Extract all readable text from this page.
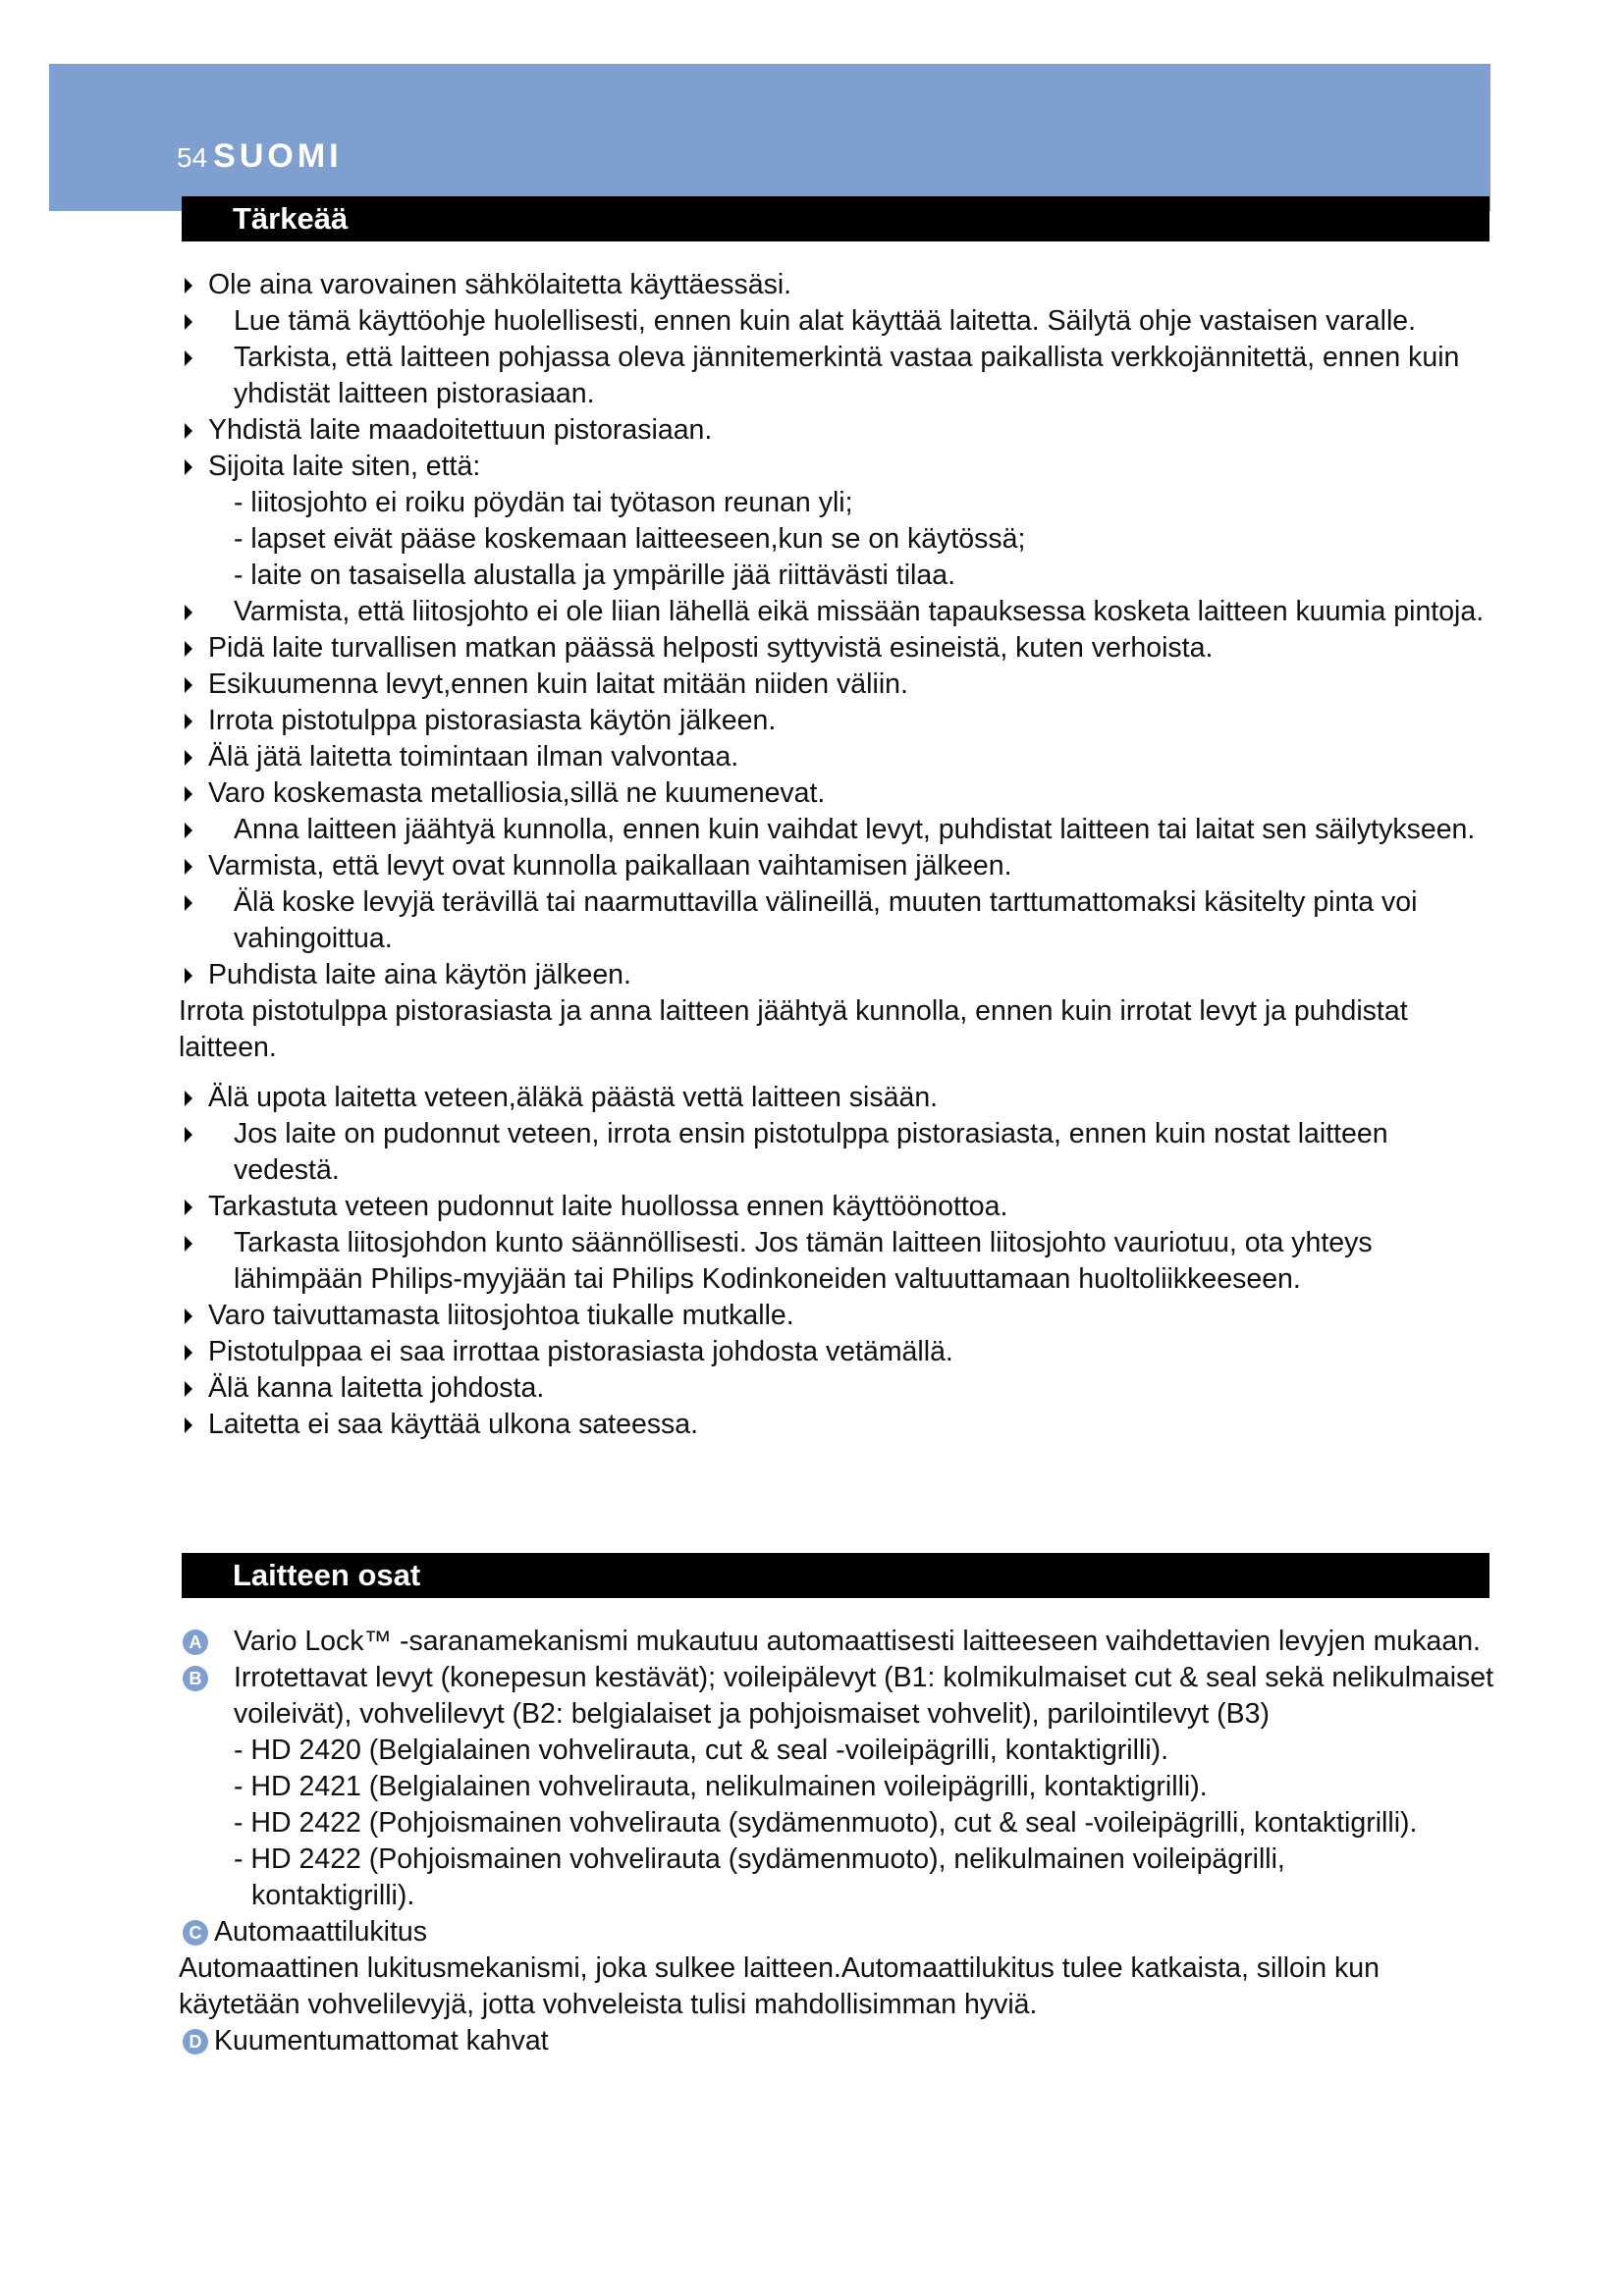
54 SUOMI
Tärkeää
Ole aina varovainen sähkölaitetta käyttäessäsi.
Lue tämä käyttöohje huolellisesti, ennen kuin alat käyttää laitetta. Säilytä ohje vastaisen varalle.
Tarkista, että laitteen pohjassa oleva jännitemerkintä vastaa paikallista verkkojännitettä, ennen kuin yhdistät laitteen pistorasiaan.
Yhdistä laite maadoitettuun pistorasiaan.
Sijoita laite siten, että:
- liitosjohto ei roiku pöydän tai työtason reunan yli;
- lapset eivät pääse koskemaan laitteeseen,kun se on käytössä;
- laite on tasaisella alustalla ja ympärille jää riittävästi tilaa.
Varmista, että liitosjohto ei ole liian lähellä eikä missään tapauksessa kosketa laitteen kuumia pintoja.
Pidä laite turvallisen matkan päässä helposti syttyvistä esineistä, kuten verhoista.
Esikuumenna levyt,ennen kuin laitat mitään niiden väliin.
Irrota pistotulppa pistorasiasta käytön jälkeen.
Älä jätä laitetta toimintaan ilman valvontaa.
Varo koskemasta metalliosia,sillä ne kuumenevat.
Anna laitteen jäähtyä kunnolla, ennen kuin vaihdat levyt, puhdistat laitteen tai laitat sen säilytykseen.
Varmista, että levyt ovat kunnolla paikallaan vaihtamisen jälkeen.
Älä koske levyjä terävillä tai naarmuttavilla välineillä, muuten tarttumattomaksi käsitelty pinta voi vahingoittua.
Puhdista laite aina käytön jälkeen.
Irrota pistotulppa pistorasiasta ja anna laitteen jäähtyä kunnolla, ennen kuin irrotat levyt ja puhdistat laitteen.
Älä upota laitetta veteen,äläkä päästä vettä laitteen sisään.
Jos laite on pudonnut veteen, irrota ensin pistotulppa pistorasiasta, ennen kuin nostat laitteen vedestä.
Tarkastuta veteen pudonnut laite huollossa ennen käyttöönottoa.
Tarkasta liitosjohdon kunto säännöllisesti. Jos tämän laitteen liitosjohto vauriotuu, ota yhteys lähimpään Philips-myyjään tai Philips Kodinkoneiden valtuuttamaan huoltoliikkeeseen.
Varo taivuttamasta liitosjohtoa tiukalle mutkalle.
Pistotulppaa ei saa irrottaa pistorasiasta johdosta vetämällä.
Älä kanna laitetta johdosta.
Laitetta ei saa käyttää ulkona sateessa.
Laitteen osat
A Vario Lock™ -saranamekanismi mukautuu automaattisesti laitteeseen vaihdettavien levyjen mukaan.
B Irrotettavat levyt (konepesun kestävät); voileipälevyt (B1: kolmikulmaiset cut & seal sekä nelikulmaiset voileivät), vohvelilevyt (B2: belgialaiset ja pohjoismaiset vohvelit), parilointilevyt (B3)
- HD 2420 (Belgialainen vohvelirauta, cut & seal -voileipägrilli, kontaktigrilli).
- HD 2421 (Belgialainen vohvelirauta, nelikulmainen voileipägrilli, kontaktigrilli).
- HD 2422 (Pohjoismainen vohvelirauta (sydämenmuoto), cut & seal -voileipägrilli, kontaktigrilli).
- HD 2422 (Pohjoismainen vohvelirauta (sydämenmuoto), nelikulmainen voileipägrilli,
kontaktigrilli).
C Automaattilukitus
Automaattinen lukitusmekanismi, joka sulkee laitteen.Automaattilukitus tulee katkaista, silloin kun käytetään vohvelilevyjä, jotta vohveleista tulisi mahdollisimman hyviä.
D Kuumentumattomat kahvat
